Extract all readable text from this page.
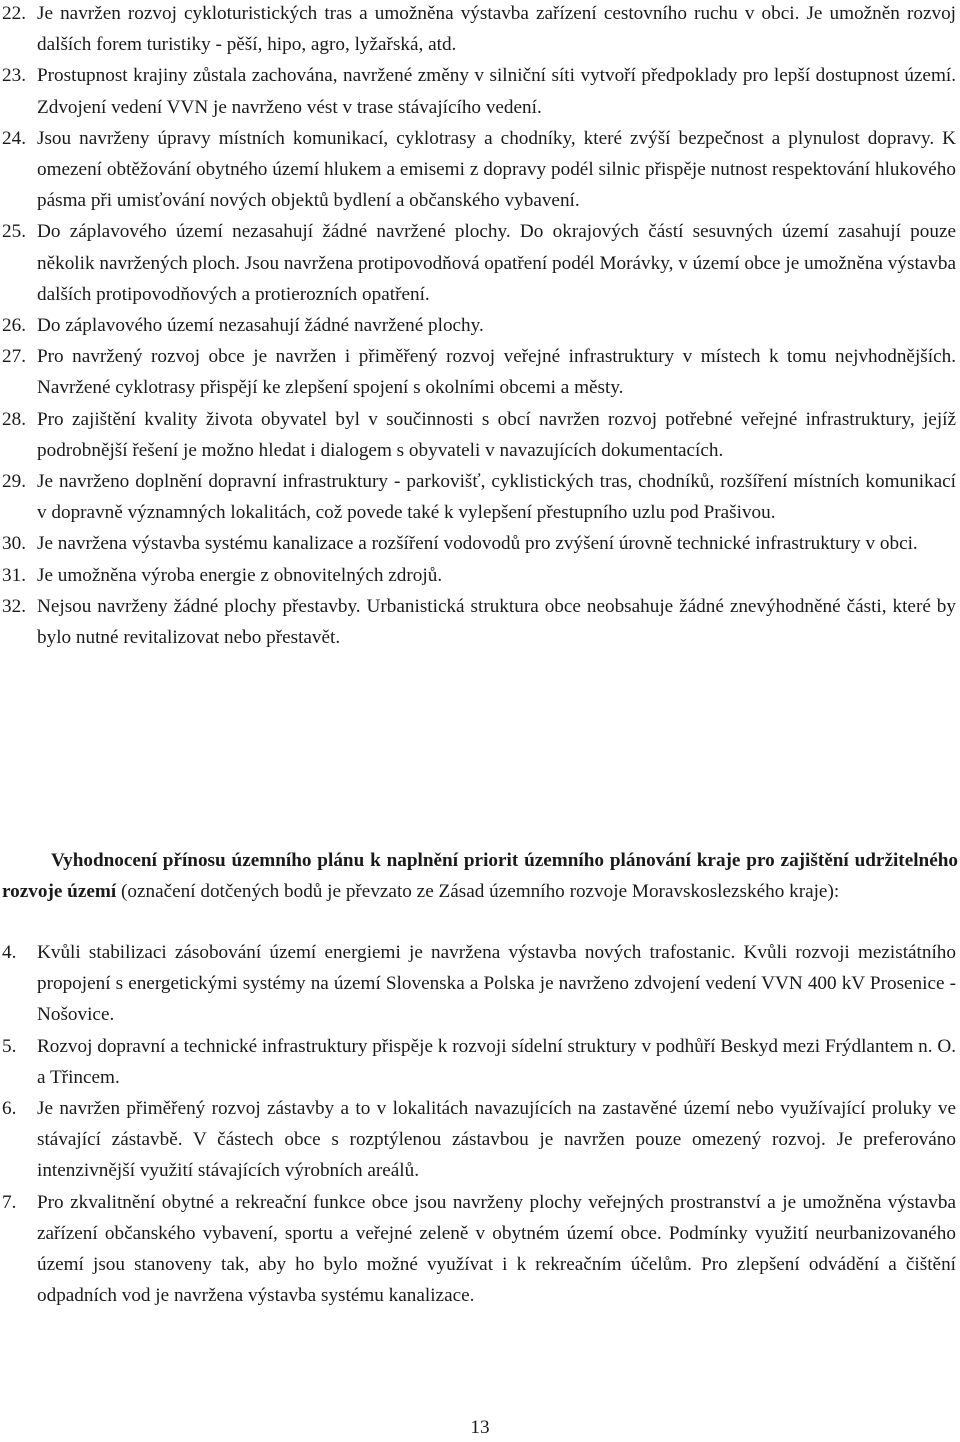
22. Je navržen rozvoj cykloturistických tras a umožněna výstavba zařízení cestovního ruchu v obci. Je umožněn rozvoj dalších forem turistiky - pěší, hipo, agro, lyžařská, atd.
23. Prostupnost krajiny zůstala zachována, navržené změny v silniční síti vytvoří předpoklady pro lepší dostupnost území. Zdvojení vedení VVN je navrženo vést v trase stávajícího vedení.
24. Jsou navrženy úpravy místních komunikací, cyklotrasy a chodníky, které zvýší bezpečnost a plynulost dopravy. K omezení obtěžování obytného území hlukem a emisemi z dopravy podél silnic přispěje nutnost respektování hlukového pásma při umisťování nových objektů bydlení a občanského vybavení.
25. Do záplavového území nezasahují žádné navržené plochy. Do okrajových částí sesuvných území zasahují pouze několik navržených ploch. Jsou navržena protipovodňová opatření podél Morávky, v území obce je umožněna výstavba dalších protipovodňových a protierozních opatření.
26. Do záplavového území nezasahují žádné navržené plochy.
27. Pro navržený rozvoj obce je navržen i přiměřený rozvoj veřejné infrastruktury v místech k tomu nejvhodnějších. Navržené cyklotrasy přispějí ke zlepšení spojení s okolními obcemi a městy.
28. Pro zajištění kvality života obyvatel byl v součinnosti s obcí navržen rozvoj potřebné veřejné infrastruktury, jejíž podrobnější řešení je možno hledat i dialogem s obyvateli v navazujících dokumentacích.
29. Je navrženo doplnění dopravní infrastruktury - parkovišť, cyklistických tras, chodníků, rozšíření místních komunikací v dopravně významných lokalitách, což povede také k vylepšení přestupního uzlu pod Prašivou.
30. Je navržena výstavba systému kanalizace a rozšíření vodovodů pro zvýšení úrovně technické infrastruktury v obci.
31. Je umožněna výroba energie z obnovitelných zdrojů.
32. Nejsou navrženy žádné plochy přestavby. Urbanistická struktura obce neobsahuje žádné znevýhodněné části, které by bylo nutné revitalizovat nebo přestavět.

Vyhodnocení přínosu územního plánu k naplnění priorit územního plánování kraje pro zajištění udržitelného rozvoje území (označení dotčených bodů je převzato ze Zásad územního rozvoje Moravskoslezského kraje):

4.	Kvůli stabilizaci zásobování území energiemi je navržena výstavba nových trafostanic. Kvůli rozvoji mezistátního propojení s energetickými systémy na území Slovenska a Polska je navrženo zdvojení vedení VVN 400 kV Prosenice - Nošovice.
5.	Rozvoj dopravní a technické infrastruktury přispěje k rozvoji sídelní struktury v podhůří Beskyd mezi Frýdlantem n. O. a Třincem.
6.	Je navržen přiměřený rozvoj zástavby a to v lokalitách navazujících na zastavěné území nebo využívající proluky ve stávající zástavbě. V částech obce s rozptýlenou zástavbou je navržen pouze omezený rozvoj. Je preferováno intenzivnější využití stávajících výrobních areálů.
7.	Pro zkvalitnění obytné a rekreační funkce obce jsou navrženy plochy veřejných prostranství a je umožněna výstavba zařízení občanského vybavení, sportu a veřejné zeleně v obytném území obce. Podmínky využití neurbanizovaného území jsou stanoveny tak, aby ho bylo možné využívat i k rekreačním účelům. Pro zlepšení odvádění a čištění odpadních vod je navržena výstavba systému kanalizace.
13
